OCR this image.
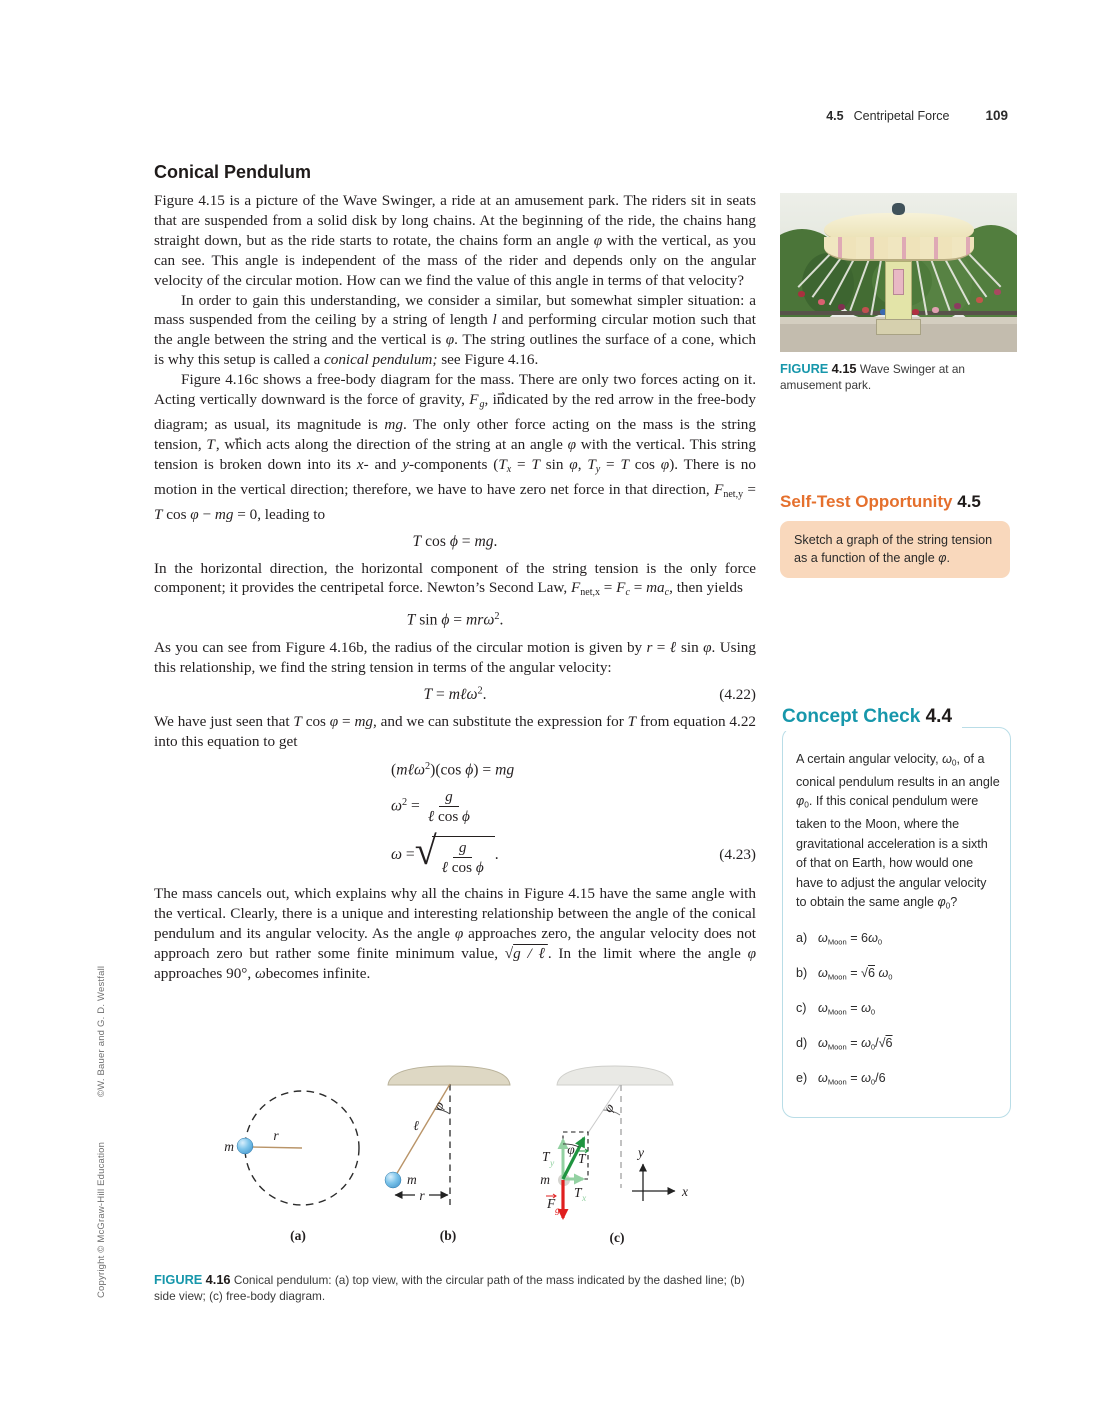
4.5 Centripetal Force	109
Copyright © McGraw-Hill Education ©W. Bauer and G. D. Westfall
Conical Pendulum

Figure 4.15 is a picture of the Wave Swinger, a ride at an amusement park. The riders sit in seats that are suspended from a solid disk by long chains. At the beginning of the ride, the chains hang straight down, but as the ride starts to rotate, the chains form an angle φ with the vertical, as you can see. This angle is independent of the mass of the rider and depends only on the angular velocity of the circular motion. How can we find the value of this angle in terms of that velocity?

In order to gain this understanding, we consider a similar, but somewhat simpler situation: a mass suspended from the ceiling by a string of length l and performing circular motion such that the angle between the string and the vertical is φ. The string outlines the surface of a cone, which is why this setup is called a conical pendulum; see Figure 4.16.

Figure 4.16c shows a free-body diagram for the mass. There are only two forces acting on it. Acting vertically downward is the force of gravity, F $⇀_g$, indicated by the red arrow in the free-body diagram; as usual, its magnitude is mg. The only other force acting on the mass is the string tension, T ⇀, which acts along the direction of the string at an angle φ with the vertical. This string tension is broken down into its x- and y-components ($T_x = T$ sin φ, $T_y = T$ cos φ). There is no motion in the vertical direction; therefore, we have to have zero net force in that direction, $F_{net,y} = T$ cos φ − mg = 0, leading to

T cos ϕ = mg.

In the horizontal direction, the horizontal component of the string tension is the only force component; it provides the centripetal force. Newton’s Second Law, $F_{net,x} = F_c = ma_c$, then yields

T sin ϕ = mrω$^2$.

As you can see from Figure 4.16b, the radius of the circular motion is given by r = ℓ sin φ. Using this relationship, we find the string tension in terms of the angular velocity:

T = mℓω$^2$.	(4.22)

We have just seen that T cos φ = mg, and we can substitute the expression for T from equation 4.22 into this equation to get

(mℓω$^2$)(cos ϕ) = mg
$\omega^2 = \frac{g}{\text{ℓ cos ϕ}}$
ω = √ $\frac{g}{\text{ℓ cos ϕ}}$ .	(4.23)

The mass cancels out, which explains why all the chains in Figure 4.15 have the same angle with the vertical. Clearly, there is a unique and interesting relationship between the angle of the conical pendulum and its angular velocity. As the angle φ approaches zero, the angular velocity does not approach zero but rather some finite minimum value, √g / ℓ. In the limit where the angle φ approaches 90°, ωbecomes infinite.

FIGURE 4.15 Wave Swinger at an amusement park.
Self-Test Opportunity 4.5
Sketch a graph of the string tension as a function of the angle φ.
Concept Check 4.4
A certain angular velocity, $\omega_0$, of a conical pendulum results in an angle $\varphi_0$. If this conical pendulum were taken to the Moon, where the gravitational acceleration is a sixth of that on Earth, how would one have to adjust the angular velocity to obtain the same angle $\varphi_0$?
a) $\omega_{Moon} = 6\omega_0$
b) $\omega_{Moon} = √6$ $\omega_0$
c) $\omega_{Moon} = \omega_0$
d) $\omega_{Moon} = \omega_0/√6$
e) $\omega_{Moon} = \omega_0/6$
m
r
(a)
φ
ℓ
m
r
(b)
φ
φ
m
T y T
T x
F g
y
x
(c)
FIGURE 4.16 Conical pendulum: (a) top view, with the circular path of the mass indicated by the dashed line; (b) side view; (c) free-body diagram.
